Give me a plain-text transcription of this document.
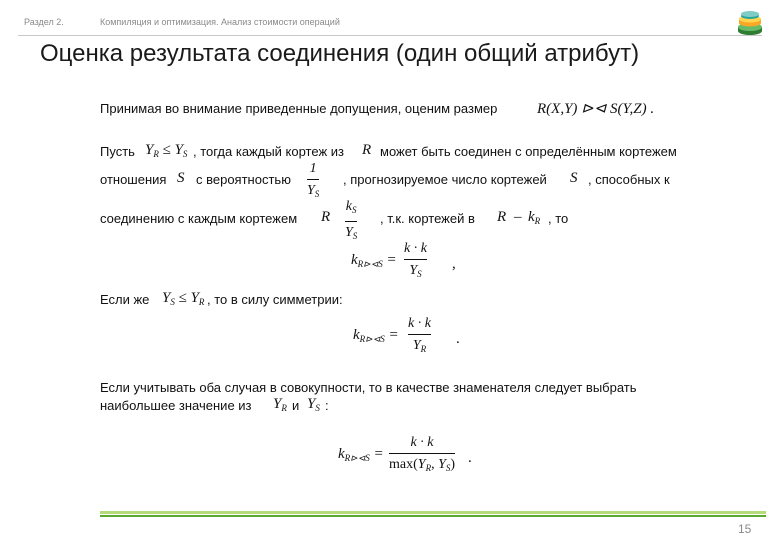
Раздел 2.	Компиляция и оптимизация. Анализ стоимости операций
Оценка результата соединения (один общий атрибут)
Принимая во внимание приведенные допущения, оценим размер	R(X,Y) ⊳⊲ S(Y,Z) .
Пусть $Y_R \le Y_S$ , тогда каждый кортеж из R может быть соединен с определённым кортежем
отношения S с вероятностью
1
$Y_S$
, прогнозируемое число кортежей S , способных к
соединению с каждым кортежем R
$k_S$
$Y_S$
, т.к. кортежей в R – $k_R$ , то
$k_{R⊳⊲S}$ =
k · k
$Y_S$
,
Если же $Y_S \le Y_R$ , то в силу симметрии:
$k_{R⊳⊲S}$ =
k · k
$Y_R$
.
Если учитывать оба случая в совокупности, то в качестве знаменателя следует выбрать
наибольшее значение из $Y_R$ и $Y_S$ :
$k_{R⊳⊲S}$ =
k · k
$\max(Y_R$, $Y_S$) .
15
